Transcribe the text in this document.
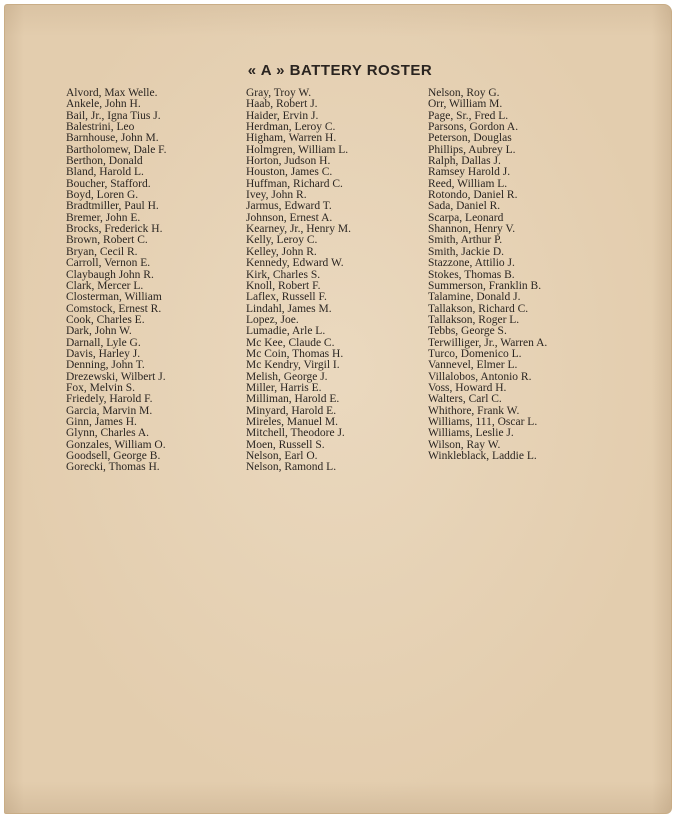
« A » BATTERY ROSTER
Alvord, Max Welle.
Ankele, John H.
Bail, Jr., Igna Tius J.
Balestrini, Leo
Barnhouse, John M.
Bartholomew, Dale F.
Berthon, Donald
Bland, Harold L.
Boucher, Stafford.
Boyd, Loren G.
Bradtmiller, Paul H.
Bremer, John E.
Brocks, Frederick H.
Brown, Robert C.
Bryan, Cecil R.
Carroll, Vernon E.
Claybaugh John R.
Clark, Mercer L.
Closterman, William
Comstock, Ernest R.
Cook, Charles E.
Dark, John W.
Darnall, Lyle G.
Davis, Harley J.
Denning, John T.
Drezewski, Wilbert J.
Fox, Melvin S.
Friedely, Harold F.
Garcia, Marvin M.
Ginn, James H.
Glynn, Charles A.
Gonzales, William O.
Goodsell, George B.
Gorecki, Thomas H.
Gray, Troy W.
Haab, Robert J.
Haider, Ervin J.
Herdman, Leroy C.
Higham, Warren H.
Holmgren, William L.
Horton, Judson H.
Houston, James C.
Huffman, Richard C.
Ivey, John R.
Jarmus, Edward T.
Johnson, Ernest A.
Kearney, Jr., Henry M.
Kelly, Leroy C.
Kelley, John R.
Kennedy, Edward W.
Kirk, Charles S.
Knoll, Robert F.
Laflex, Russell F.
Lindahl, James M.
Lopez, Joe.
Lumadie, Arle L.
Mc Kee, Claude C.
Mc Coin, Thomas H.
Mc Kendry, Virgil I.
Melish, George J.
Miller, Harris E.
Milliman, Harold E.
Minyard, Harold E.
Mireles, Manuel M.
Mitchell, Theodore J.
Moen, Russell S.
Nelson, Earl O.
Nelson, Ramond L.
Nelson, Roy G.
Orr, William M.
Page, Sr., Fred L.
Parsons, Gordon A.
Peterson, Douglas
Phillips, Aubrey L.
Ralph, Dallas J.
Ramsey Harold J.
Reed, William L.
Rotondo, Daniel R.
Sada, Daniel R.
Scarpa, Leonard
Shannon, Henry V.
Smith, Arthur P.
Smith, Jackie D.
Stazzone, Attilio J.
Stokes, Thomas B.
Summerson, Franklin B.
Talamine, Donald J.
Tallakson, Richard C.
Tallakson, Roger L.
Tebbs, George S.
Terwilliger, Jr., Warren A.
Turco, Domenico L.
Vannevel, Elmer L.
Villalobos, Antonio R.
Voss, Howard H.
Walters, Carl C.
Whithore, Frank W.
Williams, 111, Oscar L.
Williams, Leslie J.
Wilson, Ray W.
Winkleblack, Laddie L.
